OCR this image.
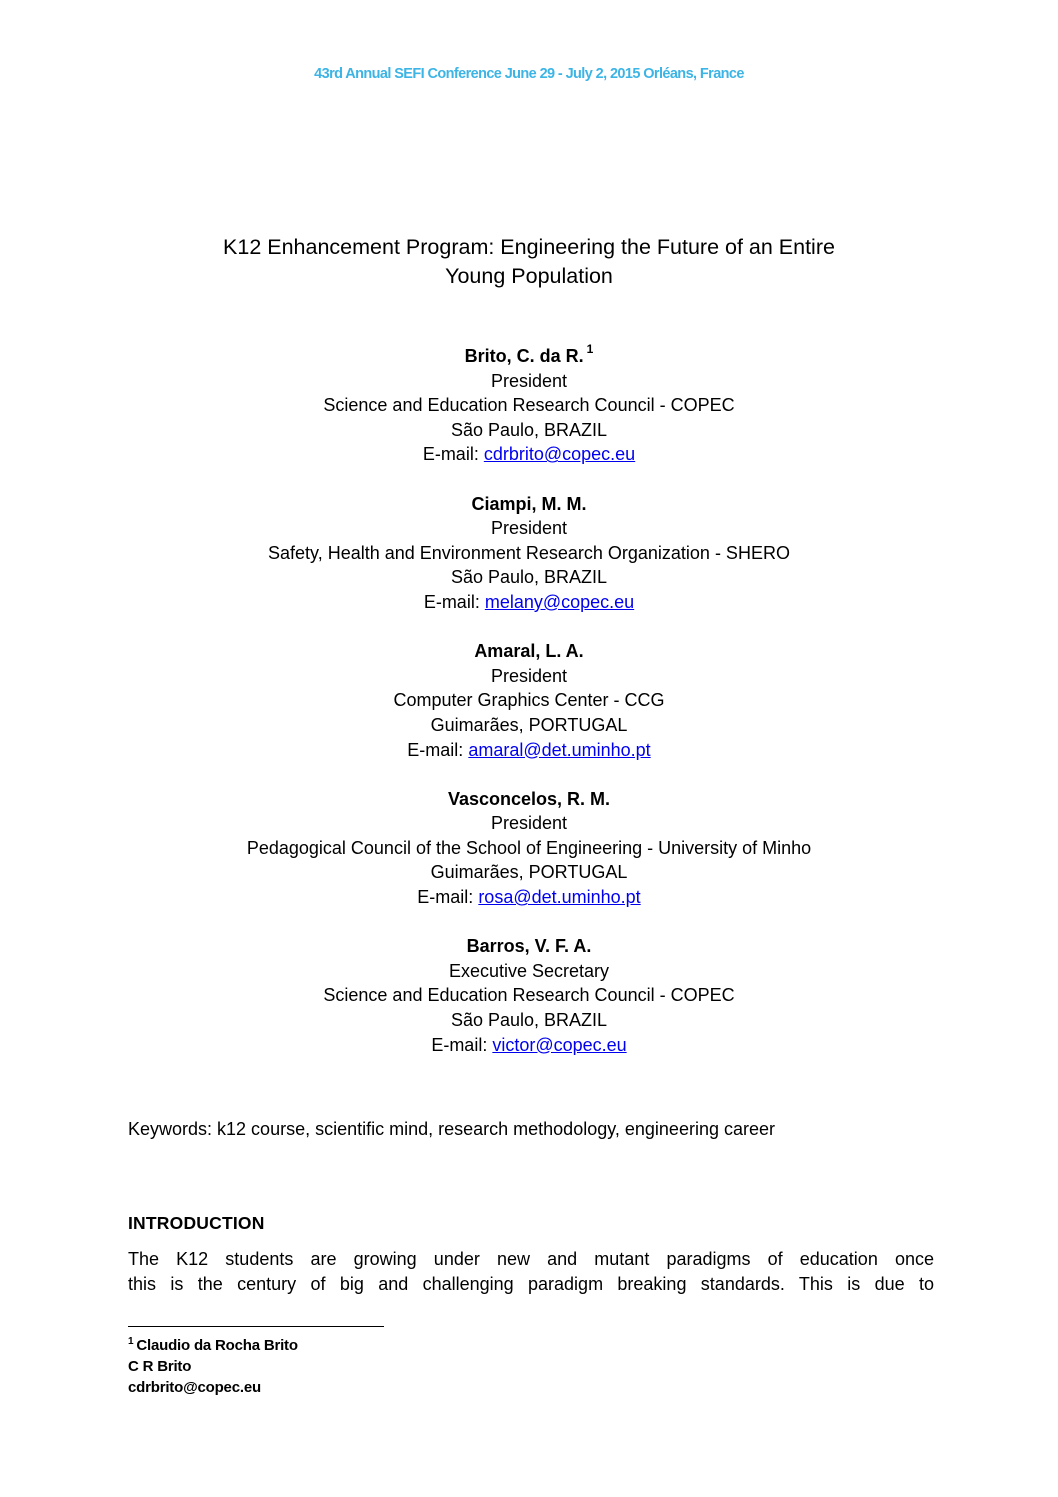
43rd Annual SEFI Conference June 29 - July 2, 2015 Orléans, France
K12 Enhancement Program: Engineering the Future of an Entire
Young Population
Brito, C. da R. $^1$
President
Science and Education Research Council - COPEC
São Paulo, BRAZIL
E-mail: cdrbrito@copec.eu
Ciampi, M. M.
President
Safety, Health and Environment Research Organization - SHERO
São Paulo, BRAZIL
E-mail: melany@copec.eu
Amaral, L. A.
President
Computer Graphics Center - CCG
Guimarães, PORTUGAL
E-mail: amaral@det.uminho.pt
Vasconcelos, R. M.
President
Pedagogical Council of the School of Engineering - University of Minho
Guimarães, PORTUGAL
E-mail: rosa@det.uminho.pt
Barros, V. F. A.
Executive Secretary
Science and Education Research Council - COPEC
São Paulo, BRAZIL
E-mail: victor@copec.eu
Keywords: k12 course, scientific mind, research methodology, engineering career
INTRODUCTION
The K12 students are growing under new and mutant paradigms of education once
this is the century of big and challenging paradigm breaking standards. This is due to
$^1$ Claudio da Rocha Brito
C R Brito
cdrbrito@copec.eu
